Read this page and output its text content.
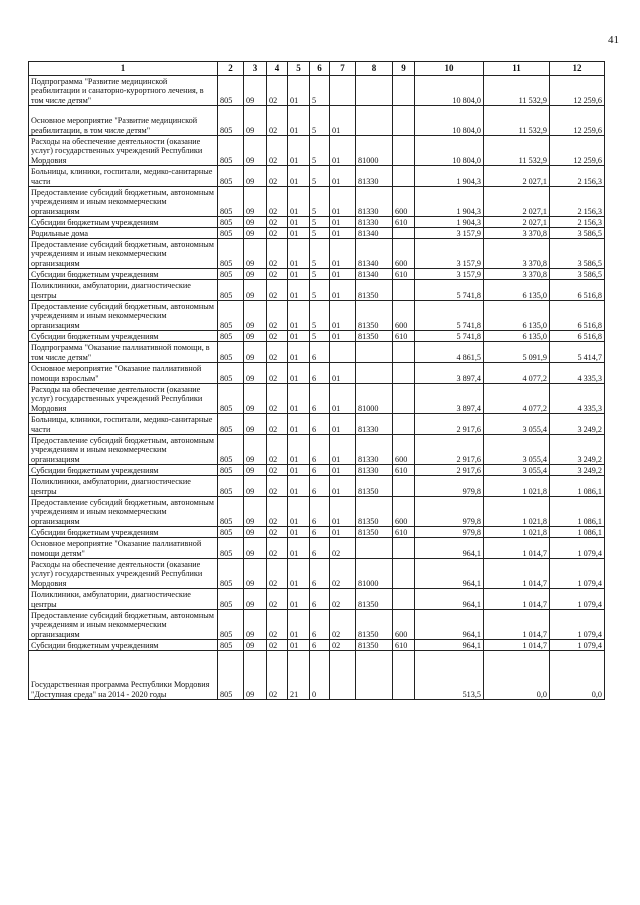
41
1	2	3	4	5	6	7	8	9	10	11	12
Подпрограмма "Развитие медицинской реабилитации и санаторно-курортного лечения, в том числе детям"	805	09	02	01	5				10 804,0	11 532,9	12 259,6
Основное мероприятие "Развитие медицинской реабилитации, в том числе детям"	805	09	02	01	5	01			10 804,0	11 532,9	12 259,6
Расходы на обеспечение деятельности (оказание услуг) государственных учреждений Республики Мордовия	805	09	02	01	5	01	81000		10 804,0	11 532,9	12 259,6
Больницы, клиники, госпитали, медико-санитарные части	805	09	02	01	5	01	81330		1 904,3	2 027,1	2 156,3
Предоставление субсидий бюджетным, автономным учреждениям и иным некоммерческим организациям	805	09	02	01	5	01	81330	600	1 904,3	2 027,1	2 156,3
Субсидии бюджетным учреждениям	805	09	02	01	5	01	81330	610	1 904,3	2 027,1	2 156,3
Родильные дома	805	09	02	01	5	01	81340		3 157,9	3 370,8	3 586,5
Предоставление субсидий бюджетным, автономным учреждениям и иным некоммерческим организациям	805	09	02	01	5	01	81340	600	3 157,9	3 370,8	3 586,5
Субсидии бюджетным учреждениям	805	09	02	01	5	01	81340	610	3 157,9	3 370,8	3 586,5
Поликлиники, амбулатории, диагностические центры	805	09	02	01	5	01	81350		5 741,8	6 135,0	6 516,8
Предоставление субсидий бюджетным, автономным учреждениям и иным некоммерческим организациям	805	09	02	01	5	01	81350	600	5 741,8	6 135,0	6 516,8
Субсидии бюджетным учреждениям	805	09	02	01	5	01	81350	610	5 741,8	6 135,0	6 516,8
Подпрограмма "Оказание паллиативной помощи, в том числе детям"	805	09	02	01	6				4 861,5	5 091,9	5 414,7
Основное мероприятие "Оказание паллиативной помощи взрослым"	805	09	02	01	6	01			3 897,4	4 077,2	4 335,3
Расходы на обеспечение деятельности (оказание услуг) государственных учреждений Республики Мордовия	805	09	02	01	6	01	81000		3 897,4	4 077,2	4 335,3
Больницы, клиники, госпитали, медико-санитарные части	805	09	02	01	6	01	81330		2 917,6	3 055,4	3 249,2
Предоставление субсидий бюджетным, автономным учреждениям и иным некоммерческим организациям	805	09	02	01	6	01	81330	600	2 917,6	3 055,4	3 249,2
Субсидии бюджетным учреждениям	805	09	02	01	6	01	81330	610	2 917,6	3 055,4	3 249,2
Поликлиники, амбулатории, диагностические центры	805	09	02	01	6	01	81350		979,8	1 021,8	1 086,1
Предоставление субсидий бюджетным, автономным учреждениям и иным некоммерческим организациям	805	09	02	01	6	01	81350	600	979,8	1 021,8	1 086,1
Субсидии бюджетным учреждениям	805	09	02	01	6	01	81350	610	979,8	1 021,8	1 086,1
Основное мероприятие "Оказание паллиативной помощи детям"	805	09	02	01	6	02			964,1	1 014,7	1 079,4
Расходы на обеспечение деятельности (оказание услуг) государственных учреждений Республики Мордовия	805	09	02	01	6	02	81000		964,1	1 014,7	1 079,4
Поликлиники, амбулатории, диагностические центры	805	09	02	01	6	02	81350		964,1	1 014,7	1 079,4
Предоставление субсидий бюджетным, автономным учреждениям и иным некоммерческим организациям	805	09	02	01	6	02	81350	600	964,1	1 014,7	1 079,4
Субсидии бюджетным учреждениям	805	09	02	01	6	02	81350	610	964,1	1 014,7	1 079,4
Государственная программа Республики Мордовия "Доступная среда" на 2014 - 2020 годы	805	09	02	21	0				513,5	0,0	0,0
